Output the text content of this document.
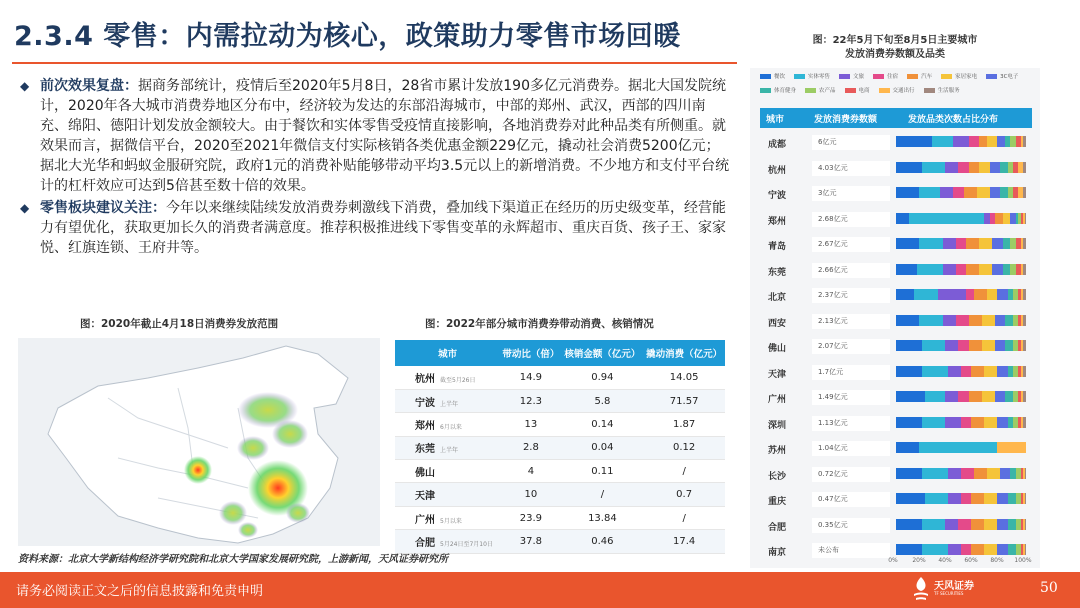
2.3.4 零售：内需拉动为核心，政策助力零售市场回暖
◆ 前次效果复盘：据商务部统计，疫情后至2020年5月8日，28省市累计发放190多亿元消费券。据北大国发院统计，2020年各大城市消费券地区分布中，经济较为发达的东部沿海城市，中部的郑州、武汉，西部的四川南充、绵阳、德阳计划发放金额较大。由于餐饮和实体零售受疫情直接影响，各地消费券对此种品类有所侧重。就效果而言，据微信平台，2020至2021年微信支付实际核销各类优惠金额229亿元，撬动社会消费5200亿元；据北大光华和蚂蚁金服研究院，政府1元的消费补贴能够带动平均3.5元以上的新增消费。不少地方和支付平台统计的杠杆效应可达到5倍甚至数十倍的效果。
◆ 零售板块建议关注：今年以来继续陆续发放消费券刺激线下消费，叠加线下渠道正在经历的历史级变革，经营能力有望优化，获取更加长久的消费者满意度。推荐积极推进线下零售变革的永辉超市、重庆百货、孩子王、家家悦、红旗连锁、王府井等。
图：2020年截止4月18日消费券发放范围	图：2022年部分城市消费券带动消费、核销情况
城市	带动比（倍）	核销金额（亿元）	撬动消费（亿元）
杭州 截至5月26日	14.9	0.94	14.05
宁波 上半年	12.3	5.8	71.57
郑州 6月以来	13	0.14	1.87
东莞 上半年	2.8	0.04	0.12
佛山	4	0.11	/
天津	10	/	0.7
广州 5月以来	23.9	13.84	/
合肥 5月24日至7月10日	37.8	0.46	17.4
资料来源：北京大学新结构经济学研究院和北京大学国家发展研究院，上游新闻，天风证券研究所
图：22年5月下旬至8月5日主要城市
发放消费券数额及品类
餐饮	实体零售	文旅	住宿	汽车	家居家电	3C电子体育健身	农产品	电商	交通出行	生活服务
城市	发放消费券数额	发放品类次数占比分布
成都	6亿元
杭州	4.03亿元
宁波	3亿元
郑州	2.68亿元
青岛	2.67亿元
东莞	2.66亿元
北京	2.37亿元
西安	2.13亿元
佛山	2.07亿元
天津	1.7亿元
广州	1.49亿元
深圳	1.13亿元
苏州	1.04亿元
长沙	0.72亿元
重庆	0.47亿元
合肥	0.35亿元
南京	未公布
0% 20% 40% 60% 80% 100%
请务必阅读正文之后的信息披露和免责申明	天风证券
TF SECURITIES	50
